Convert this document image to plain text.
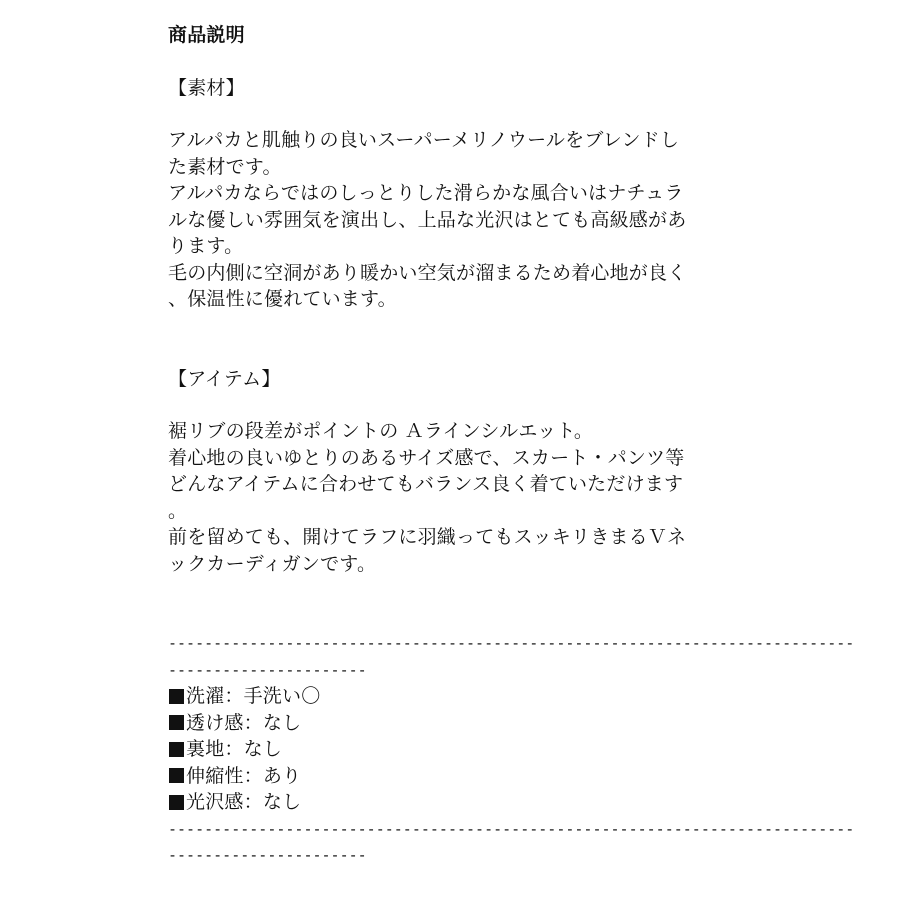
商品説明
【素材】
アルパカと肌触りの良いスーパーメリノウールをブレンドし
た素材です。
アルパカならではのしっとりした滑らかな風合いはナチュラ
ルな優しい雰囲気を演出し、上品な光沢はとても高級感があ
ります。
毛の内側に空洞があり暖かい空気が溜まるため着心地が良く
、保温性に優れています。
【アイテム】
裾リブの段差がポイントの Ａラインシルエット。
着心地の良いゆとりのあるサイズ感で、スカート・パンツ等
どんなアイテムに合わせてもバランス良く着ていただけます
。
前を留めても、開けてラフに羽織ってもスッキリきまるＶネ
ックカーディガンです。
----------------------------------------------------------------------------
----------------------
洗濯 ： 手洗い〇
透け感 ： なし
裏地 ： なし
伸縮性 ： あり
光沢感 ： なし
----------------------------------------------------------------------------
----------------------
